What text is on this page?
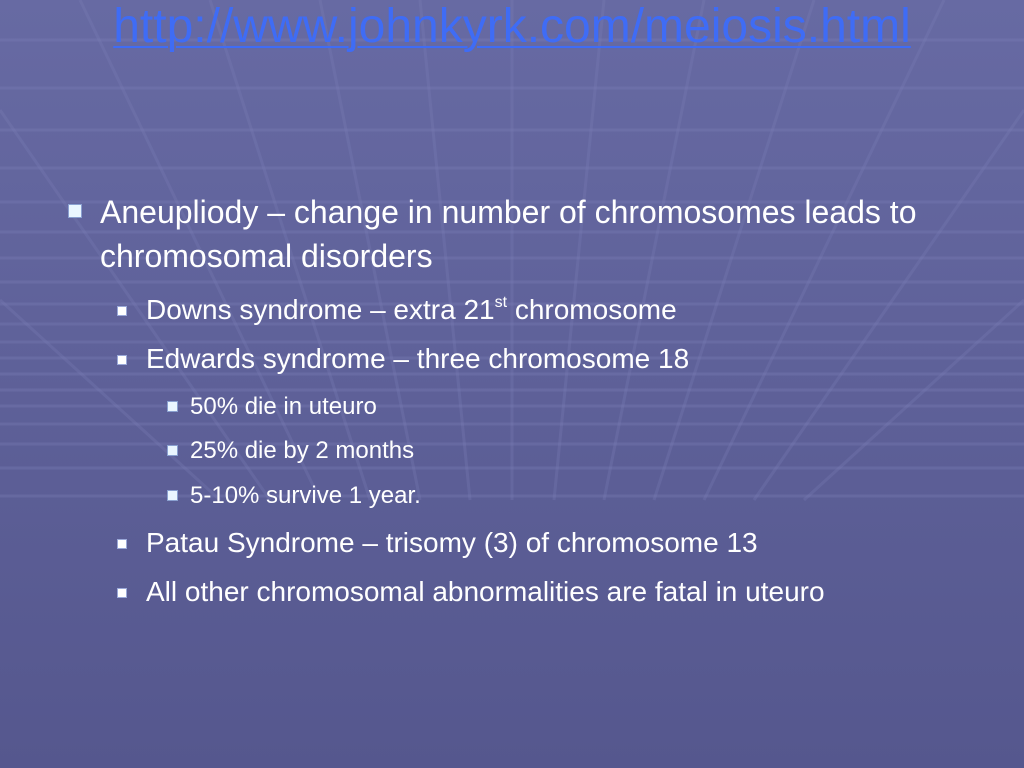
http://www.johnkyrk.com/meiosis.html
Aneupliody – change in number of chromosomes leads to chromosomal disorders
Downs syndrome – extra 21st chromosome
Edwards syndrome – three chromosome 18
50% die in uteuro
25% die by 2 months
5-10% survive 1 year.
Patau Syndrome – trisomy (3) of chromosome 13
All other chromosomal abnormalities are fatal in uteuro
